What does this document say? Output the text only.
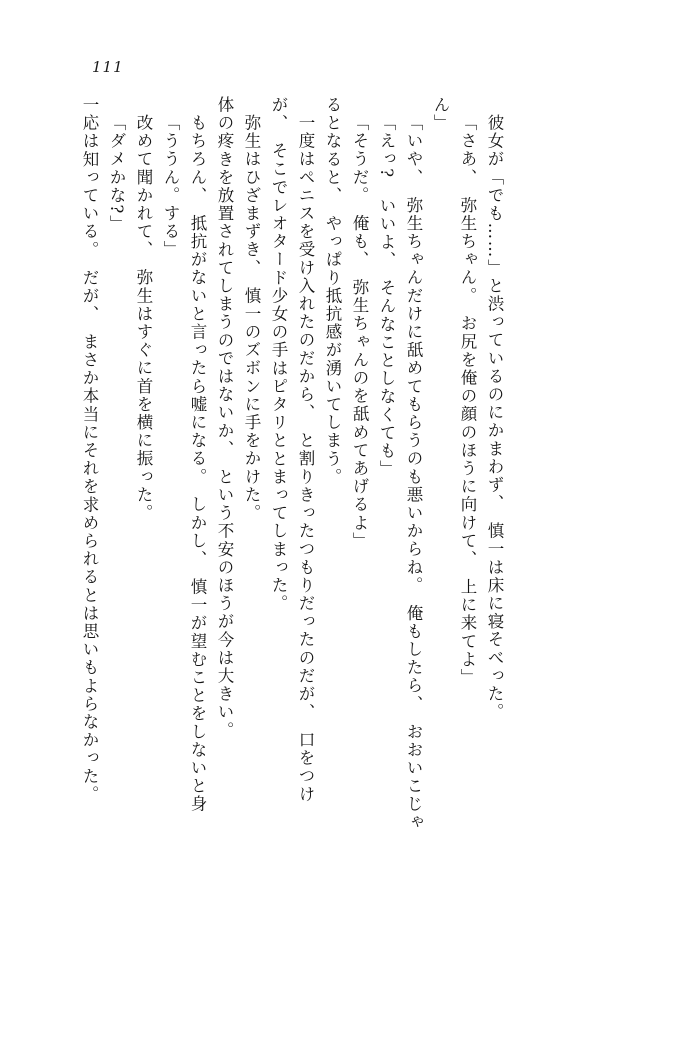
111
一応は知っている。　だが、　まさか本当にそれを求められるとは思いもよらなかった。 「ダメかな?」 改めて聞かれて、　弥生はすぐに首を横に振った。 「ううん。する」 もちろん、　抵抗がないと言ったら嘘になる。　しかし、　慎一が望むことをしないと身 体の疼きを放置されてしまうのではないか、　という不安のほうが今は大きい。 弥生はひざまずき、　慎一のズボンに手をかけた。 が、　そこでレオタード少女の手はピタリととまってしまった。 一度はペニスを受け入れたのだから、　と割りきったつもりだったのだが、　口をつけ るとなると、　やっぱり抵抗感が湧いてしまう。 「そうだ。　俺も、　弥生ちゃんのを舐めてあげるよ」 「えっ?　いいよ、　そんなことしなくても」 「いや、　弥生ちゃんだけに舐めてもらうのも悪いからね。　俺もしたら、　おおいこじゃ ん」 「さあ、　弥生ちゃん。　お尻を俺の顔のほうに向けて、　上に来てよ」 彼女が「でも……」と渋っているのにかまわず、　慎一は床に寝そべった。
